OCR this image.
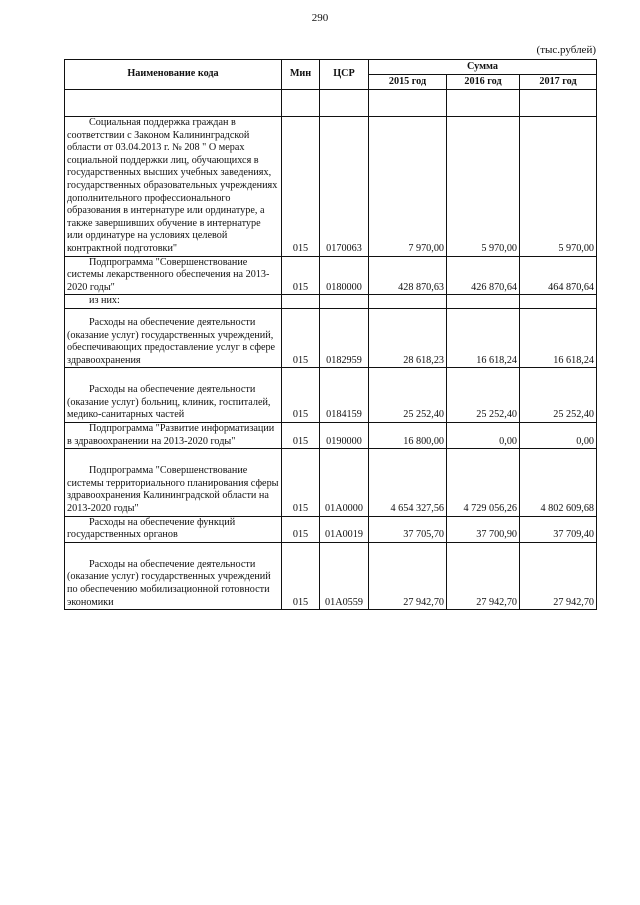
290
(тыс.рублей)
Наименование кода	Мин	ЦСР	Сумма		
			2015 год	2016 год	2017 год

Социальная поддержка граждан в соответствии с Законом Калининградской области от 03.04.2013 г. № 208 " О мерах социальной поддержки лиц, обучающихся в государственных высших учебных заведениях, государственных образовательных учреждениях дополнительного профессионального образования в интернатуре или ординатуре, а также завершивших обучение в интернатуре или ординатуре на условиях целевой контрактной подготовки"	015	0170063	7 970,00	5 970,00	5 970,00
Подпрограмма "Совершенствование системы лекарственного обеспечения на 2013-2020 годы"	015	0180000	428 870,63	426 870,64	464 870,64
из них:					
Расходы на обеспечение деятельности (оказание услуг) государственных учреждений, обеспечивающих предоставление услуг в сфере здравоохранения	015	0182959	28 618,23	16 618,24	16 618,24
Расходы на обеспечение деятельности (оказание услуг) больниц, клиник, госпиталей, медико-санитарных частей	015	0184159	25 252,40	25 252,40	25 252,40
Подпрограмма "Развитие информатизации в здравоохранении на 2013-2020 годы"	015	0190000	16 800,00	0,00	0,00
Подпрограмма "Совершенствование системы территориального планирования сферы здравоохранения Калининградской области на 2013-2020 годы"	015	01А0000	4 654 327,56	4 729 056,26	4 802 609,68
Расходы на обеспечение функций государственных органов	015	01А0019	37 705,70	37 700,90	37 709,40
Расходы на обеспечение деятельности (оказание услуг) государственных учреждений по обеспечению мобилизационной готовности экономики	015	01А0559	27 942,70	27 942,70	27 942,70
